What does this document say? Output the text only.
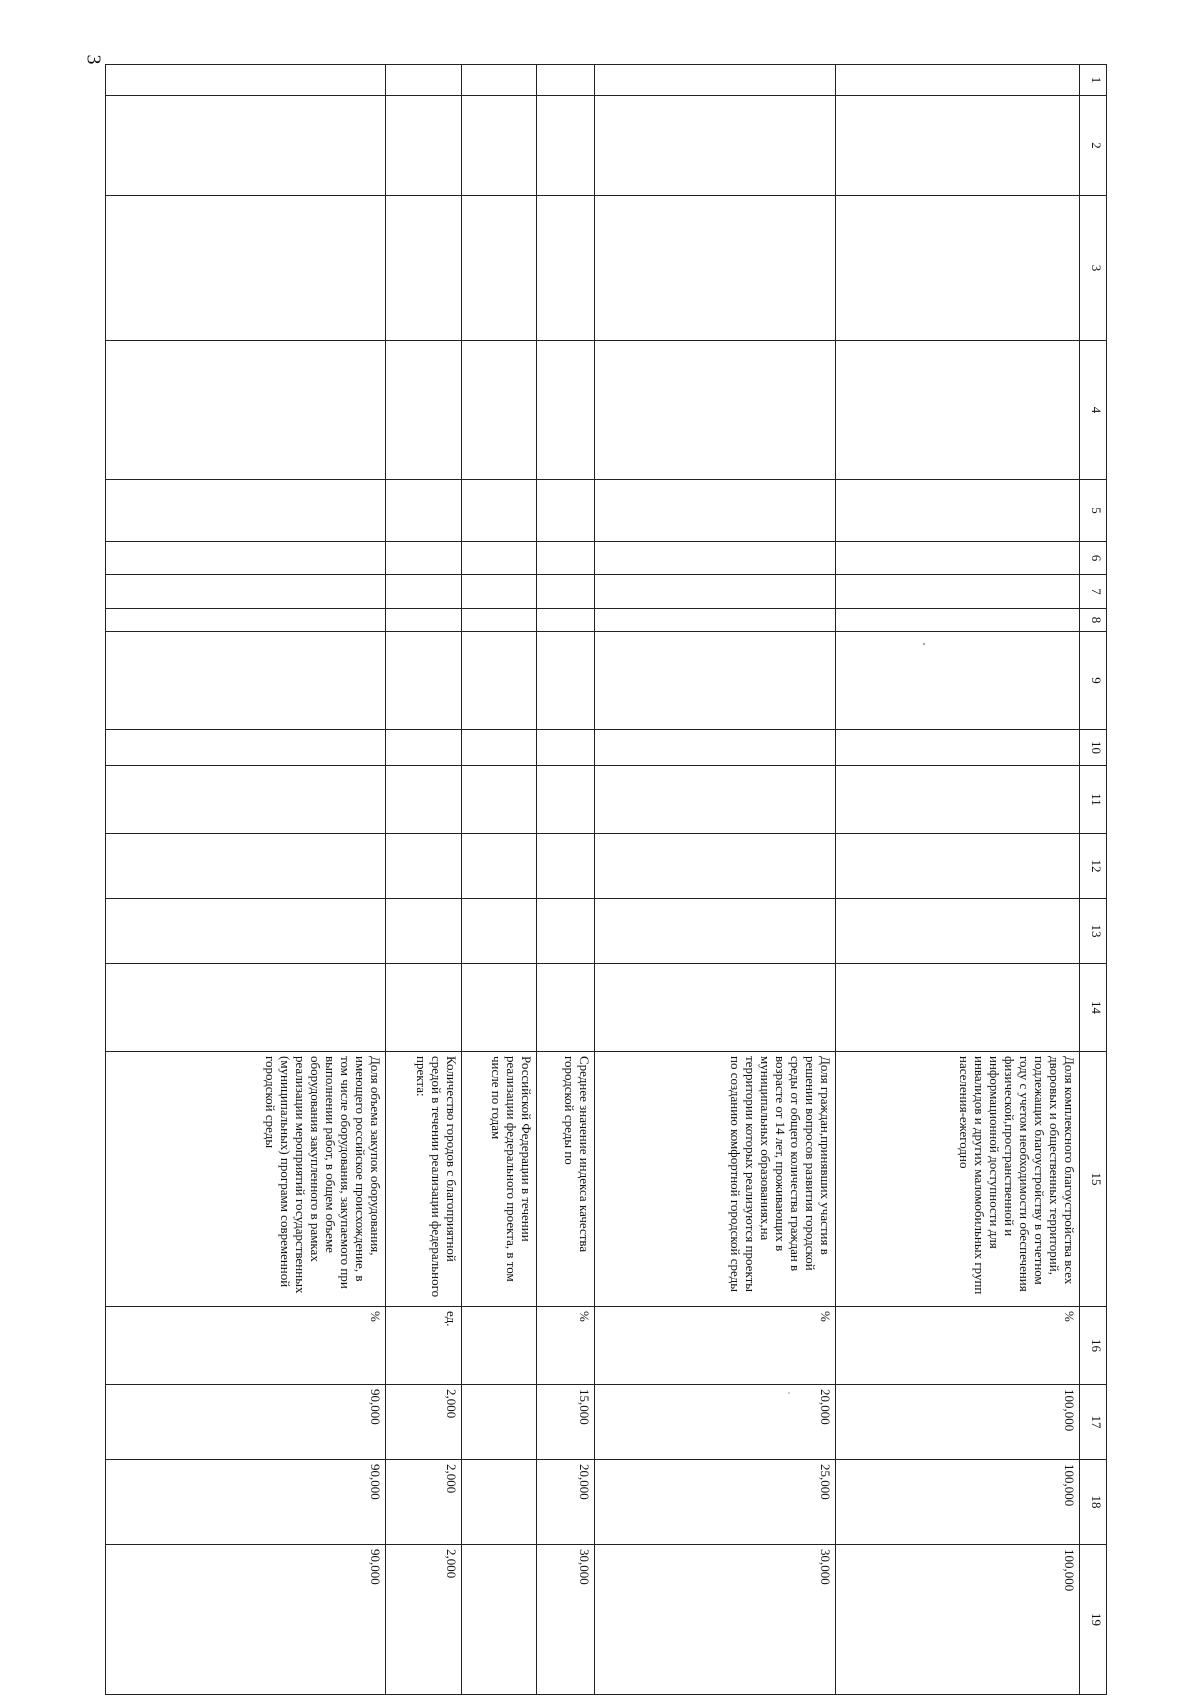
3
1	2	3	4	5	6	7	8	9	10	11	12	13	14	15	16	17	18	19
														Доля комплексного благоустройства всех дворовых и общественных территорий, подлежащих благоустройству в отчетном году с учетом необходимости обеспечения физической,пространственной и информационной доступности для инвалидов и других маломобильных групп населения-ежегодно	%	100,000	100,000	100,000
														Доля граждан,принявших участия в решении вопросов развития городской среды от общего количества граждан в возрасте от 14 лет, проживающих в муниципальных образованиях,на территории которых реализуются проекты по созданию комфортной городской среды	%	20,000	25,000	30,000
														Среднее значение индекса качества городской среды по	%	15,000	20,000	30,000
														Российской Федерации в течении реализации федерального проекта, в том числе по годам				
														Количество городов с благоприятной средой в течении реализации федерального пректа:	ед.	2,000	2,000	2,000
														Доля объема закупок оборудования, имеющего российское происхождение, в том числе оборудования, закупаемого при выполнении работ, в общем объеме оборудования закупленного в рамках реализации мероприятий государственных (муниципальных) программ современной городской среды	%	90,000	90,000	90,000
